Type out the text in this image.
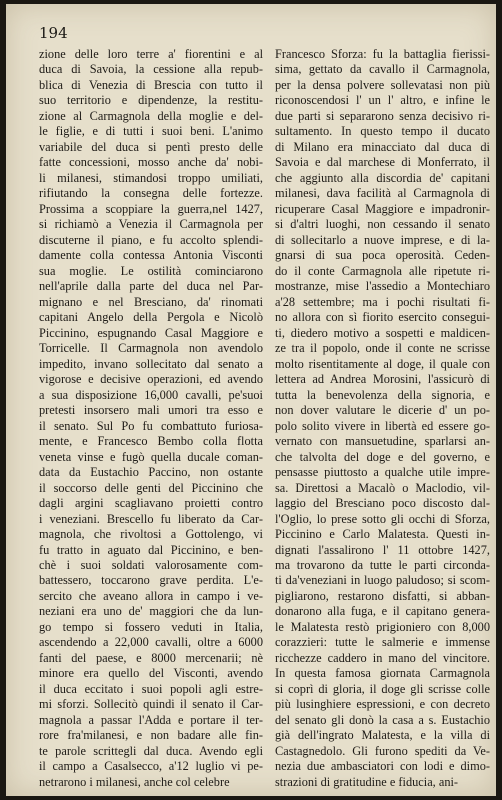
194

zione delle loro terre a' fiorentini e al
duca di Savoia, la cessione alla repub-
blica di Venezia di Brescia con tutto il
suo territorio e dipendenze, la restitu-
zione al Carmagnola della moglie e del-
le figlie, e di tutti i suoi beni. L'animo
variabile del duca si pentì presto delle
fatte concessioni, mosso anche da' nobi-
li milanesi, stimandosi troppo umiliati,
rifiutando la consegna delle fortezze.
Prossima a scoppiare la guerra,nel 1427,
si richiamò a Venezia il Carmagnola per
discuterne il piano, e fu accolto splendi-
damente colla contessa Antonia Visconti
sua moglie. Le ostilità cominciarono
nell'aprile dalla parte del duca nel Par-
mignano e nel Bresciano, da' rinomati
capitani Angelo della Pergola e Nicolò
Piccinino, espugnando Casal Maggiore e
Torricelle. Il Carmagnola non avendolo
impedito, invano sollecitato dal senato a
vigorose e decisive operazioni, ed avendo
a sua disposizione 16,000 cavalli, pe'suoi
pretesti insorsero mali umori tra esso e
il senato. Sul Po fu combattuto furiosa-
mente, e Francesco Bembo colla flotta
veneta vinse e fugò quella ducale coman-
data da Eustachio Paccino, non ostante
il soccorso delle genti del Piccinino che
dagli argini scagliavano proietti contro
i veneziani. Brescello fu liberato da Car-
magnola, che rivoltosi a Gottolengo, vi
fu tratto in aguato dal Piccinino, e ben-
chè i suoi soldati valorosamente com-
battessero, toccarono grave perdita. L'e-
sercito che aveano allora in campo i ve-
neziani era uno de' maggiori che da lun-
go tempo si fossero veduti in Italia,
ascendendo a 22,000 cavalli, oltre a 6000
fanti del paese, e 8000 mercenarii; nè
minore era quello del Visconti, avendo
il duca eccitato i suoi popoli agli estre-
mi sforzi. Sollecitò quindi il senato il Car-
magnola a passar l'Adda e portare il ter-
rore fra'milanesi, e non badare alle fin-
te parole scrittegli dal duca. Avendo egli
il campo a Casalsecco, a'12 luglio vi pe-
netrarono i milanesi, anche col celebre
Francesco Sforza: fu la battaglia fierissi-
sima, gettato da cavallo il Carmagnola,
per la densa polvere sollevatasi non più
riconoscendosi l' un l' altro, e infine le
due parti si separarono senza decisivo ri-
sultamento. In questo tempo il ducato
di Milano era minacciato dal duca di
Savoia e dal marchese di Monferrato, il
che aggiunto alla discordia de' capitani
milanesi, dava facilità al Carmagnola di
ricuperare Casal Maggiore e impadronir-
si d'altri luoghi, non cessando il senato
di sollecitarlo a nuove imprese, e di la-
gnarsi di sua poca operosità. Ceden-
do il conte Carmagnola alle ripetute ri-
mostranze, mise l'assedio a Montechiaro
a'28 settembre; ma i pochi risultati fi-
no allora con sì fiorito esercito consegui-
ti, diedero motivo a sospetti e maldicen-
ze tra il popolo, onde il conte ne scrisse
molto risentitamente al doge, il quale con
lettera ad Andrea Morosini, l'assicurò di
tutta la benevolenza della signoria, e
non dover valutare le dicerie d' un po-
polo solito vivere in libertà ed essere go-
vernato con mansuetudine, sparlarsi an-
che talvolta del doge e del governo, e
pensasse piuttosto a qualche utile impre-
sa. Direttosi a Macalò o Maclodio, vil-
laggio del Bresciano poco discosto dal-
l'Oglio, lo prese sotto gli occhi di Sforza,
Piccinino e Carlo Malatesta. Questi in-
dignati l'assalirono l' 11 ottobre 1427,
ma trovarono da tutte le parti circonda-
ti da'veneziani in luogo paludoso; si scom-
pigliarono, restarono disfatti, si abban-
donarono alla fuga, e il capitano genera-
le Malatesta restò prigioniero con 8,000
corazzieri: tutte le salmerie e immense
ricchezze caddero in mano del vincitore.
In questa famosa giornata Carmagnola
si coprì di gloria, il doge gli scrisse colle
più lusinghiere espressioni, e con decreto
del senato gli donò la casa a s. Eustachio
già dell'ingrato Malatesta, e la villa di
Castagnedolo. Gli furono spediti da Ve-
nezia due ambasciatori con lodi e dimo-
strazioni di gratitudine e fiducia, ani-
